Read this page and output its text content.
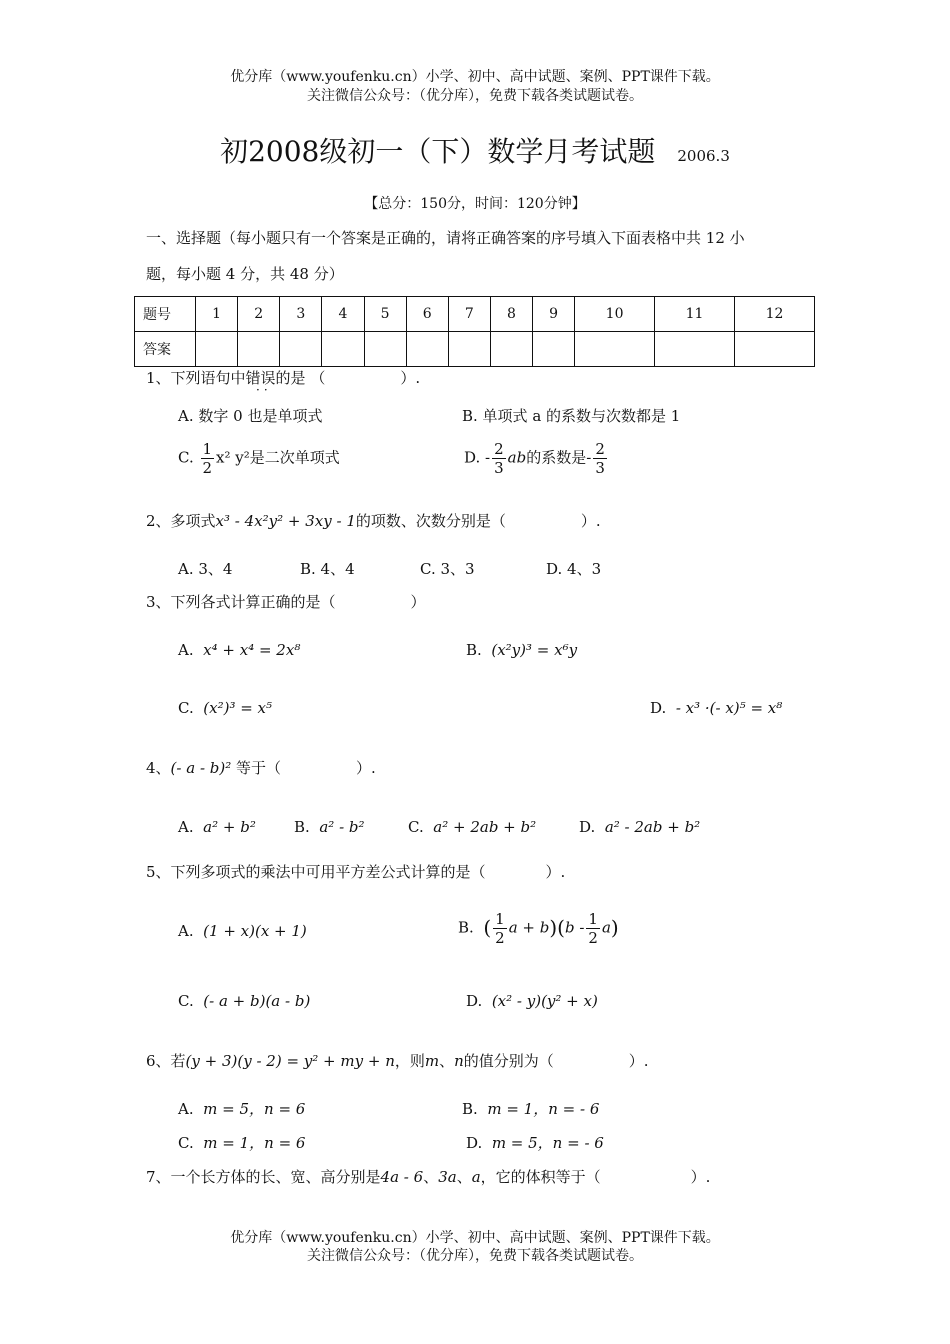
优分库（www.youfenku.cn）小学、初中、高中试题、案例、PPT课件下载。
关注微信公众号：（优分库），免费下载各类试题试卷。
初2008级初一（下）数学月考试题 2006.3
【总分：150分，时间：120分钟】
一、选择题（每小题只有一个答案是正确的，请将正确答案的序号填入下面表格中共 12 小
题，每小题 4 分，共 48 分）
题号	1	2	3	4	5	6	7	8	9	10	11	12
答案												
1、下列语句中错误的是 （　　　　　）.
··
A. 数字 0 也是单项式	B. 单项式 a 的系数与次数都是 1
C. $\frac{1}{2} x^2$ y²是二次单项式	D. - $\frac{2}{3}$ ab的系数是- $\frac{2}{3}$
2、多项式x³ - 4x²y² + 3xy - 1的项数、次数分别是（　　　　　）.
A. 3、4	B. 4、4	C. 3、3	D. 4、3
3、下列各式计算正确的是（　　　　　）
A. x⁴ + x⁴ = 2x⁸	B. (x²y)³ = x⁶y
C. (x²)³ = x⁵	D. - x³ ·(- x)⁵ = x⁸
4、(- a - b)² 等于（　　　　　）.
A. a² + b²	B. a² - b²	C. a² + 2ab + b²	D. a² - 2ab + b²
5、下列多项式的乘法中可用平方差公式计算的是（　　　　）.
A. (1 + x)(x + 1)	B. ( $\frac{1}{2}$ $a + b)(b - \frac{1}{2} a)$
C. (- a + b)(a - b)	D. (x² - y)(y² + x)
6、若(y + 3)(y - 2) = y² + my + n，则m、n的值分别为（　　　　　）.
A. m = 5，n = 6	B. m = 1，n = - 6
C. m = 1，n = 6	D. m = 5，n = - 6
7、一个长方体的长、宽、高分别是4a - 6、3a、a，它的体积等于（　　　　　　）.
优分库（www.youfenku.cn）小学、初中、高中试题、案例、PPT课件下载。
关注微信公众号：（优分库），免费下载各类试题试卷。
